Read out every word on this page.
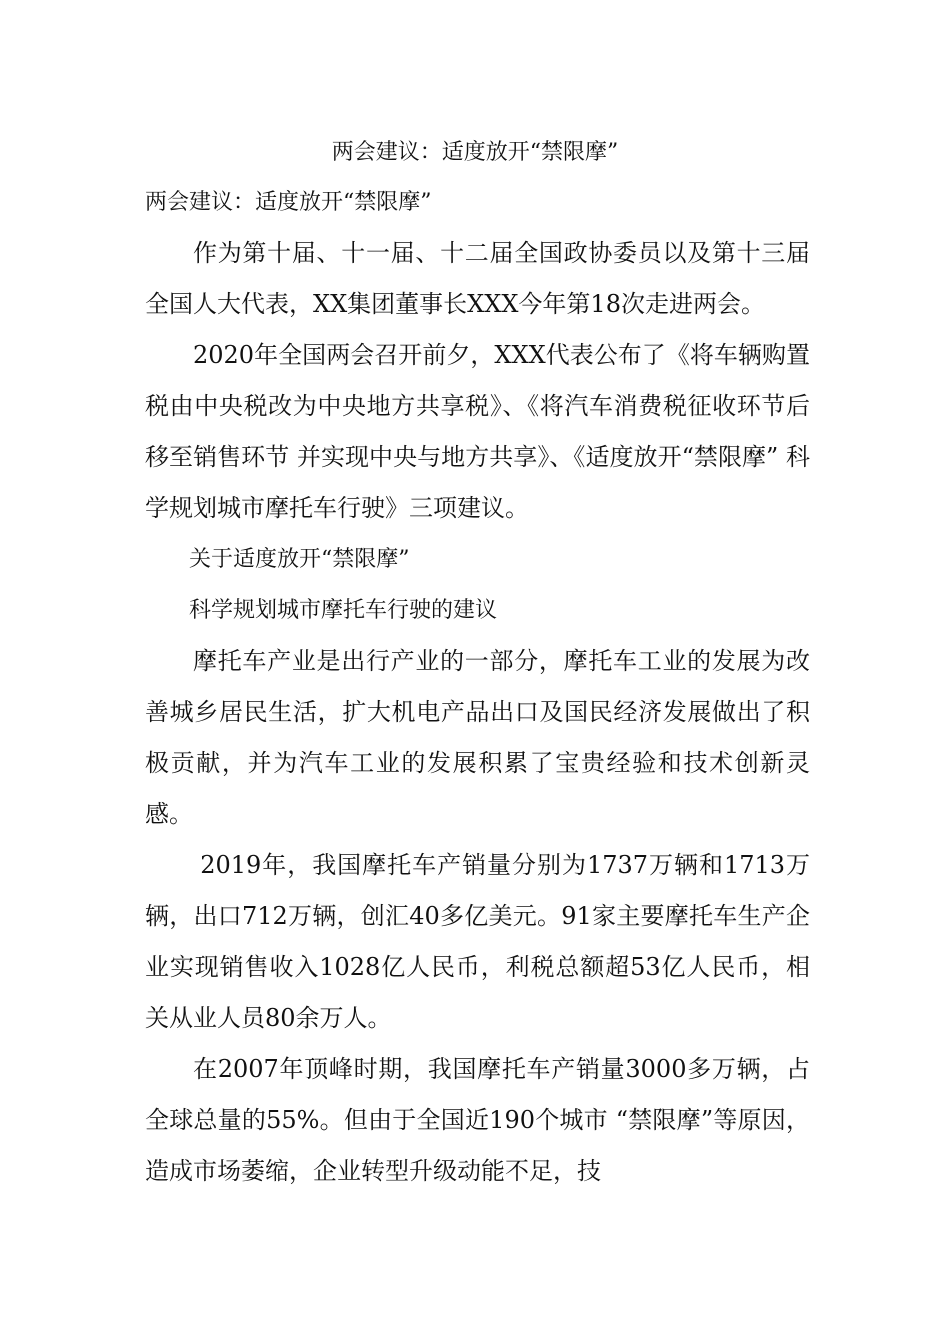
两会建议：适度放开“禁限摩”

两会建议：适度放开“禁限摩”

作为第十届、十一届、十二届全国政协委员以及第十三届全国人大代表，XX集团董事长XXX今年第18次走进两会。

2020年全国两会召开前夕，XXX代表公布了《将车辆购置税由中央税改为中央地方共享税》、《将汽车消费税征收环节后移至销售环节 并实现中央与地方共享》、《适度放开“禁限摩” 科学规划城市摩托车行驶》三项建议。

关于适度放开“禁限摩”

科学规划城市摩托车行驶的建议

摩托车产业是出行产业的一部分，摩托车工业的发展为改善城乡居民生活，扩大机电产品出口及国民经济发展做出了积极贡献，并为汽车工业的发展积累了宝贵经验和技术创新灵感。

2019年，我国摩托车产销量分别为1737万辆和1713万辆，出口712万辆，创汇40多亿美元。91家主要摩托车生产企业实现销售收入1028亿人民币，利税总额超53亿人民币，相关从业人员80余万人。

在2007年顶峰时期，我国摩托车产销量3000多万辆，占全球总量的55%。但由于全国近190个城市 “禁限摩”等原因，造成市场萎缩，企业转型升级动能不足，技
